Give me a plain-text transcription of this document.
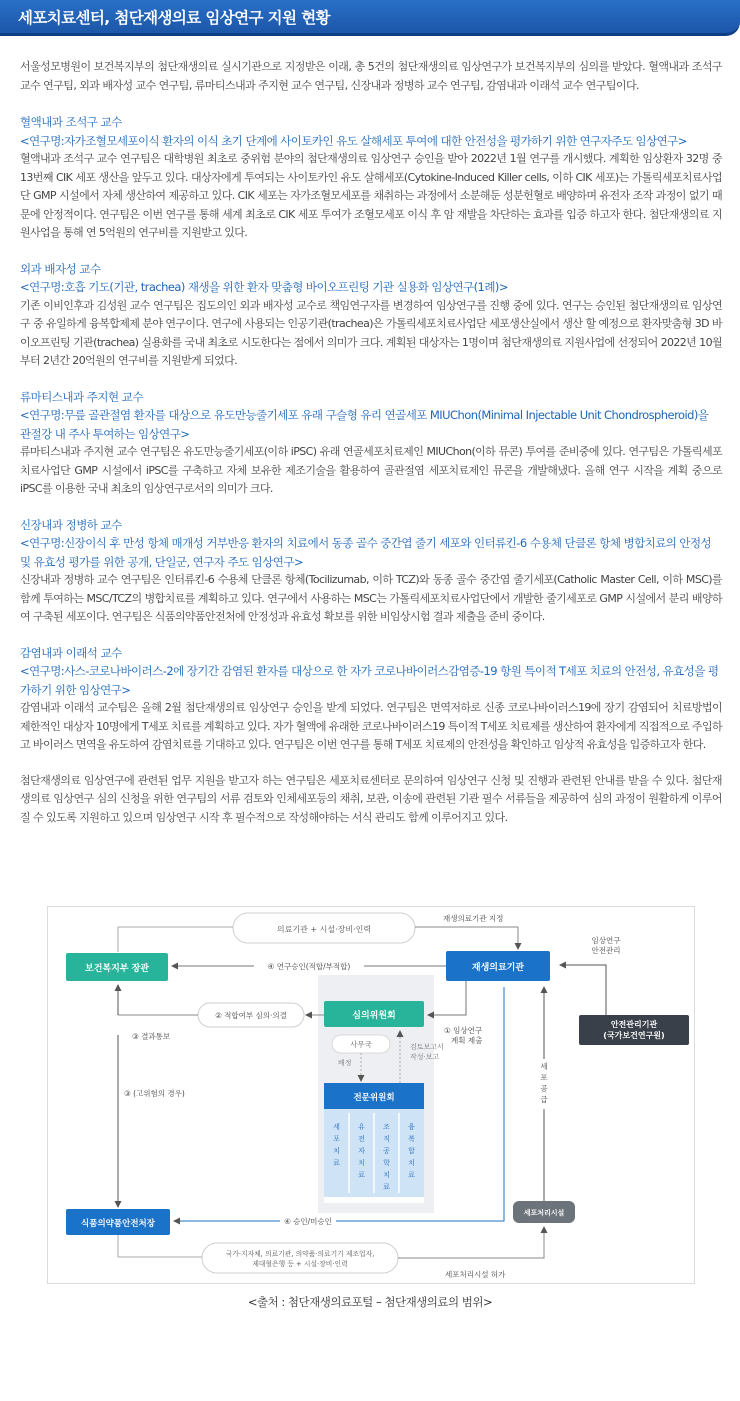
세포치료센터, 첨단재생의료 임상연구 지원 현황

서울성모병원이 보건복지부의 첨단재생의료 실시기관으로 지정받은 이래, 총 5건의 첨단재생의료 임상연구가 보건복지부의 심의를 받았다. 혈액내과 조석구 교수 연구팀, 외과 배자성 교수 연구팀, 류마티스내과 주지현 교수 연구팀, 신장내과 정병하 교수 연구팀, 감염내과 이래석 교수 연구팀이다.

혈액내과 조석구 교수
<연구명:자가조혈모세포이식 환자의 이식 초기 단계에 사이토카인 유도 살해세포 투여에 대한 안전성을 평가하기 위한 연구자주도 임상연구>
혈액내과 조석구 교수 연구팀은 대학병원 최초로 중위험 분야의 첨단재생의료 임상연구 승인을 받아 2022년 1월 연구를 개시했다. 계획한 임상환자 32명 중 13번째 CIK 세포 생산을 앞두고 있다. 대상자에게 투여되는 사이토카인 유도 살해세포(Cytokine-Induced Killer cells, 이하 CIK 세포)는 가톨릭세포치료사업단 GMP 시설에서 자체 생산하여 제공하고 있다. CIK 세포는 자가조혈모세포를 채취하는 과정에서 소분해둔 성분헌혈로 배양하며 유전자 조작 과정이 없기 때문에 안정적이다. 연구팀은 이번 연구를 통해 세계 최초로 CIK 세포 투여가 조혈모세포 이식 후 암 재발을 차단하는 효과를 입증 하고자 한다. 첨단재생의료 지원사업을 통해 연 5억원의 연구비를 지원받고 있다.
외과 배자성 교수
<연구명:호흡 기도(기관, trachea) 재생을 위한 환자 맞춤형 바이오프린팅 기관 실용화 임상연구(1례)>
기존 이비인후과 김성원 교수 연구팀은 집도의인 외과 배자성 교수로 책임연구자를 변경하여 임상연구를 진행 중에 있다. 연구는 승인된 첨단재생의료 임상연구 중 유일하게 융복합제제 분야 연구이다. 연구에 사용되는 인공기관(trachea)은 가톨릭세포치료사업단 세포생산실에서 생산 할 예정으로 환자맞춤형 3D 바이오프린팅 기관(trachea) 실용화를 국내 최초로 시도한다는 점에서 의미가 크다. 계획된 대상자는 1명이며 첨단재생의료 지원사업에 선정되어 2022년 10월부터 2년간 20억원의 연구비를 지원받게 되었다.
류마티스내과 주지현 교수
<연구명:무릎 골관절염 환자를 대상으로 유도만능줄기세포 유래 구슬형 유리 연골세포 MIUChon(Minimal Injectable Unit Chondrospheroid)을 관절강 내 주사 투여하는 임상연구>
류마티스내과 주지현 교수 연구팀은 유도만능줄기세포(이하 iPSC) 유래 연골세포치료제인 MIUChon(이하 뮤콘) 투여를 준비중에 있다. 연구팀은 가톨릭세포치료사업단 GMP 시설에서 iPSC를 구축하고 자체 보유한 제조기술을 활용하여 골관절염 세포치료제인 뮤콘을 개발해냈다. 올해 연구 시작을 계획 중으로 iPSC를 이용한 국내 최초의 임상연구로서의 의미가 크다.
신장내과 정병하 교수
<연구명:신장이식 후 만성 항체 매개성 거부반응 환자의 치료에서 동종 골수 중간엽 줄기 세포와 인터류킨-6 수용체 단클론 항체 병합치료의 안정성 및 유효성 평가를 위한 공개, 단일군, 연구자 주도 임상연구>
신장내과 정병하 교수 연구팀은 인터류킨-6 수용체 단클론 항체(Tocilizumab, 이하 TCZ)와 동종 골수 중간엽 줄기세포(Catholic Master Cell, 이하 MSC)를 함께 투여하는 MSC/TCZ의 병합치료를 계획하고 있다. 연구에서 사용하는 MSC는 가톨릭세포치료사업단에서 개발한 줄기세포로 GMP 시설에서 분리 배양하여 구축된 세포이다. 연구팀은 식품의약품안전처에 안정성과 유효성 확보를 위한 비임상시험 결과 제출을 준비 중이다.
감염내과 이래석 교수
<연구명:사스-코로나바이러스-2에 장기간 감염된 환자를 대상으로 한 자가 코로나바이러스감염증-19 항원 특이적 T세포 치료의 안전성, 유효성을 평가하기 위한 임상연구>
감염내과 이래석 교수팀은 올해 2월 첨단재생의료 임상연구 승인을 받게 되었다. 연구팀은 면역저하로 신종 코로나바이러스19에 장기 감염되어 치료방법이 제한적인 대상자 10명에게 T세포 치료를 계획하고 있다. 자가 혈액에 유래한 코로나바이러스19 특이적 T세포 치료제를 생산하여 환자에게 직접적으로 주입하고 바이러스 면역을 유도하여 감염치료를 기대하고 있다. 연구팀은 이번 연구를 통해 T세포 치료제의 안전성을 확인하고 임상적 유효성을 입증하고자 한다.

첨단재생의료 임상연구에 관련된 업무 지원을 받고자 하는 연구팀은 세포치료센터로 문의하여 임상연구 신청 및 진행과 관련된 안내를 받을 수 있다. 첨단재생의료 임상연구 심의 신청을 위한 연구팀의 서류 검토와 인체세포등의 채취, 보관, 이송에 관련된 기관 필수 서류들을 제공하여 심의 과정이 원활하게 이루어 질 수 있도록 지원하고 있으며 임상연구 시작 후 필수적으로 작성해야하는 서식 관리도 함께 이루어지고 있다.

의료기관 + 시설·장비·인력
재생의료기관 지정
보건복지부 장관	재생의료기관
임상연구
안전관리
④ 연구승인(적합/부적합)
② 적합여부 심의·의결	심의위원회
③ 결과통보
① 임상연구
계획 제출
안전관리기관
(국가보건연구원)
사무국
배정
검토보고서
작성·보고
세
포
공
급
③ (고위험의 경우)	전문위원회
세
포
치
료
유
전
자
치
료
조
직
공
학
치
료
융
복
합
치
료
식품의약품안전처장	④ 승인/미승인
세포처리시설
국가·지자체, 의료기관, 의약품·의료기기 제조업자,
제대혈은행 등 + 시설·장비·인력
세포처리시설 허가
<출처 : 첨단재생의료포털 – 첨단재생의료의 범위>
